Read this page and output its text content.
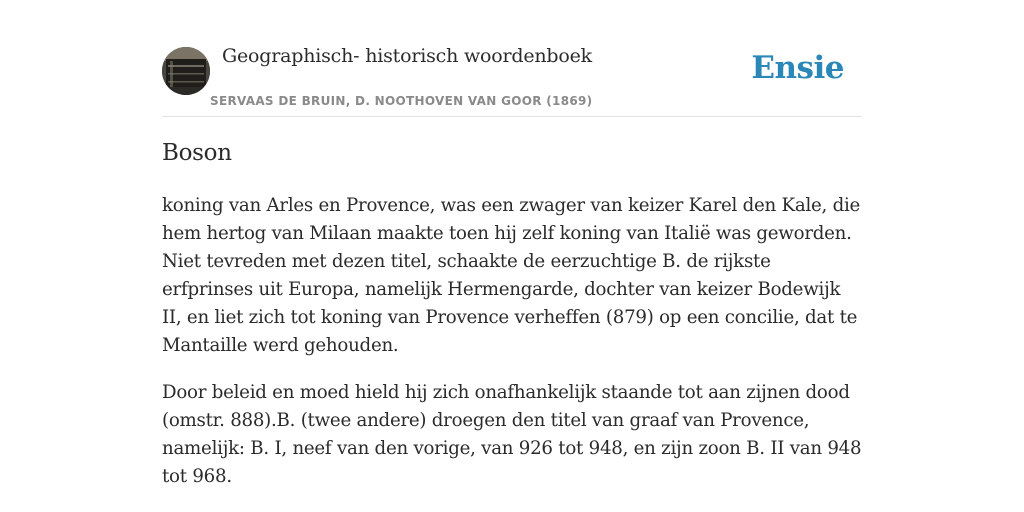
Geographisch- historisch woordenboek
SERVAAS DE BRUIN, D. NOOTHOVEN VAN GOOR (1869)
Ensie
Boson

koning van Arles en Provence, was een zwager van keizer Karel den Kale, die hem hertog van Milaan maakte toen hij zelf koning van Italië was geworden. Niet tevreden met dezen titel, schaakte de eerzuchtige B. de rijkste erfprinses uit Europa, namelijk Hermengarde, dochter van keizer Bodewijk II, en liet zich tot koning van Provence verheffen (879) op een concilie, dat te Mantaille werd gehouden.

Door beleid en moed hield hij zich onafhankelijk staande tot aan zijnen dood (omstr. 888).B. (twee andere) droegen den titel van graaf van Provence, namelijk: B. I, neef van den vorige, van 926 tot 948, en zijn zoon B. II van 948 tot 968.
